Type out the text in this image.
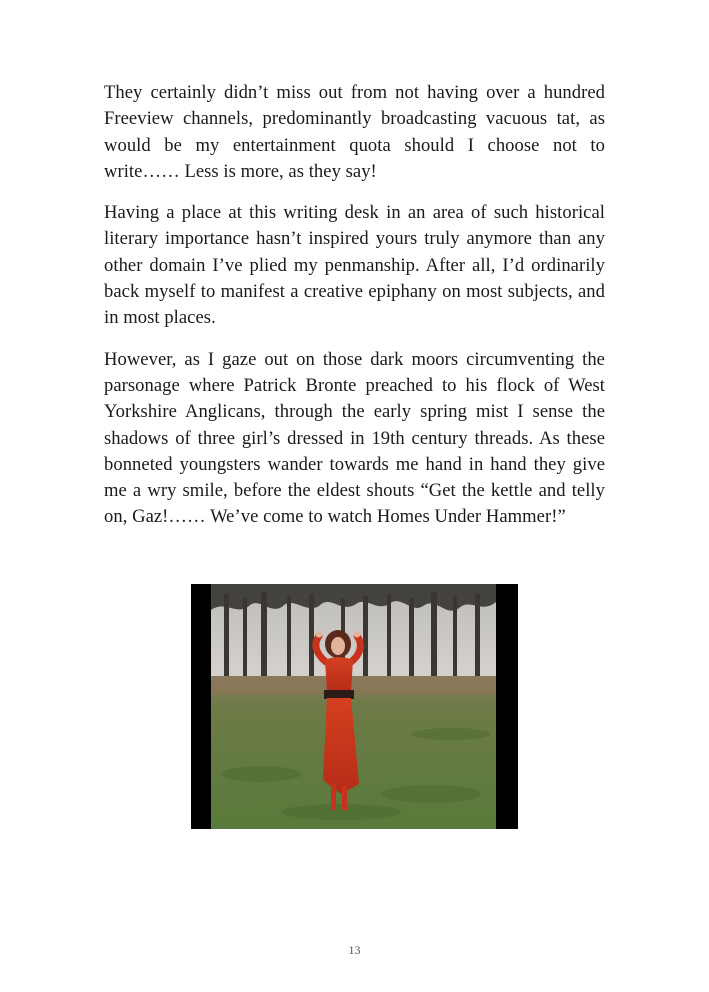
They certainly didn’t miss out from not having over a hundred Freeview channels, predominantly broadcasting vacuous tat, as would be my entertainment quota should I choose not to write…… Less is more, as they say!

Having a place at this writing desk in an area of such historical literary importance hasn’t inspired yours truly anymore than any other domain I’ve plied my penmanship. After all, I’d ordinarily back myself to manifest a creative epiphany on most subjects, and in most places.

However, as I gaze out on those dark moors circumventing the parsonage where Patrick Bronte preached to his flock of West Yorkshire Anglicans, through the early spring mist I sense the shadows of three girl’s dressed in 19th century threads. As these bonneted youngsters wander towards me hand in hand they give me a wry smile, before the eldest shouts “Get the kettle and telly on, Gaz!…… We’ve come to watch Homes Under Hammer!”

13
